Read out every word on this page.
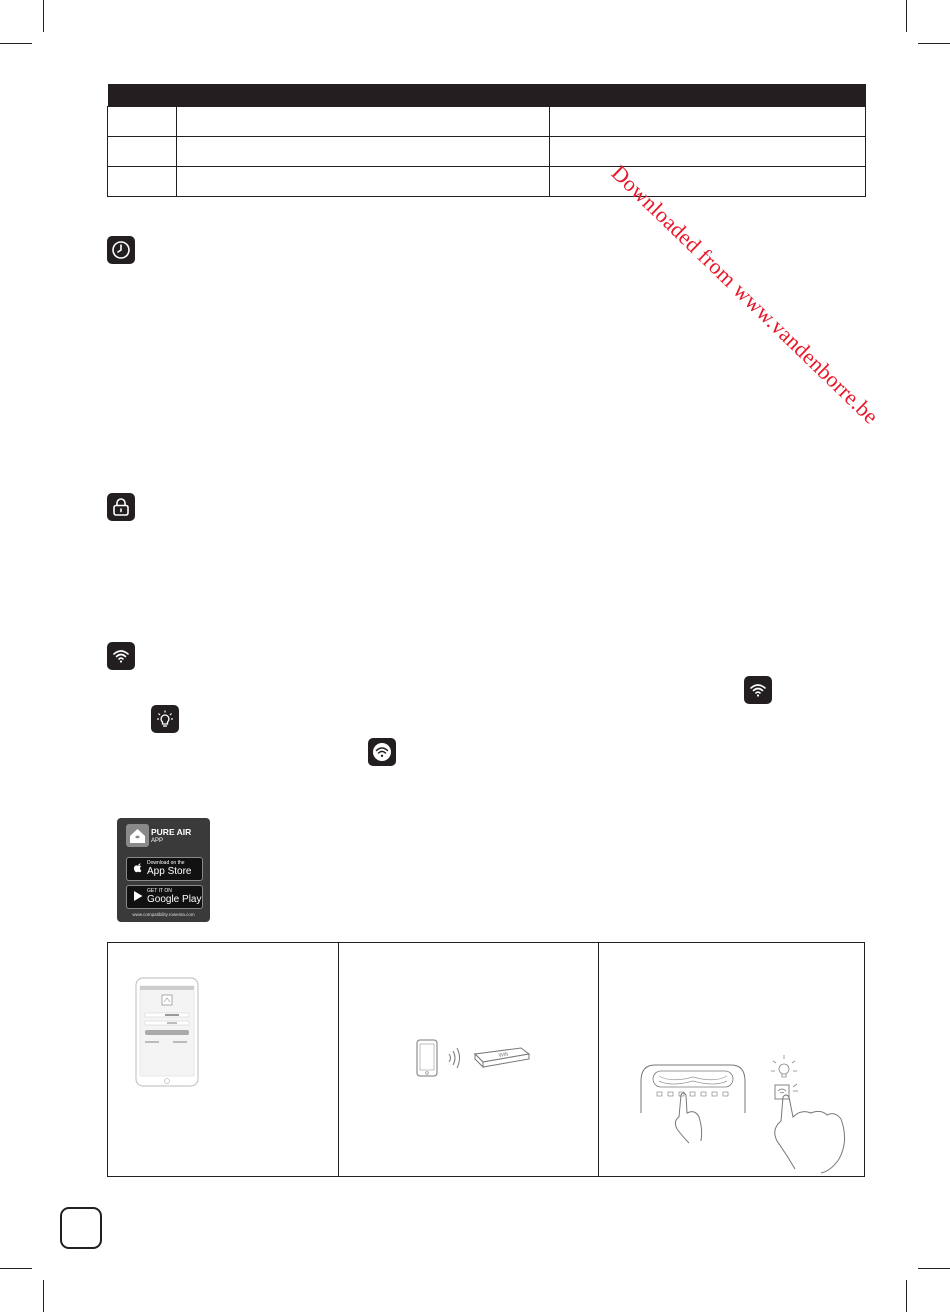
Downloaded from www.vandenborre.be
PURE AIR
APP
Download on the
App Store
GET IT ON
Google Play
www.compatibility.rowenta.com
Wifi
